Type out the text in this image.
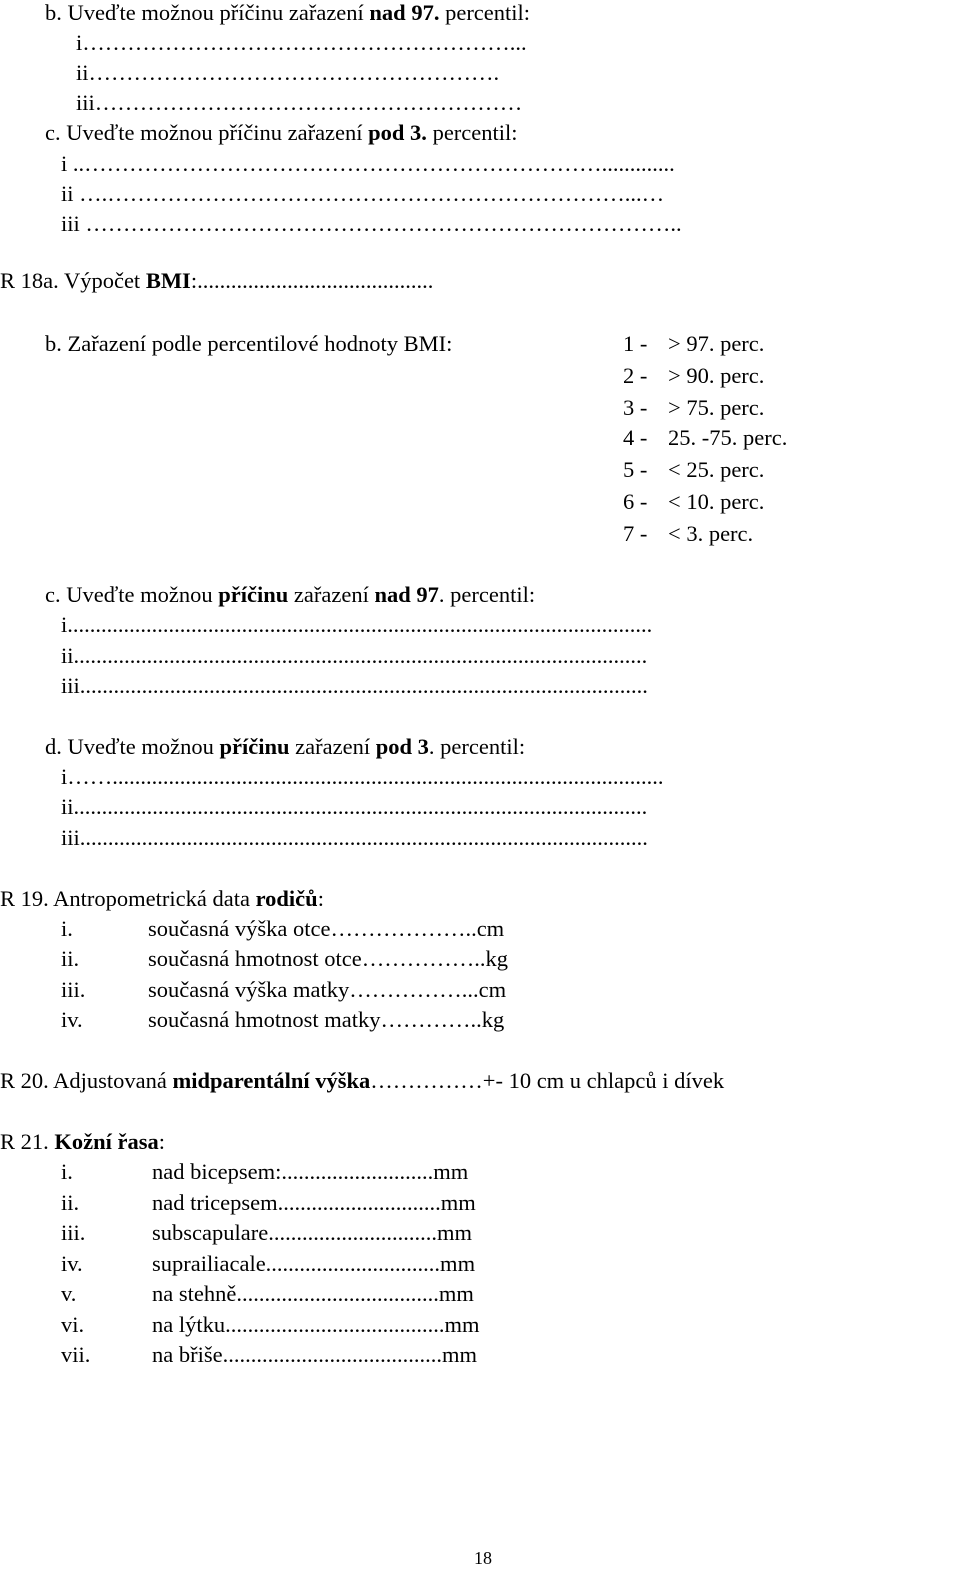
b. Uveďte možnou příčinu zařazení nad 97. percentil:
i…………………………………………………...
ii……………………………………………….
iii…………………………………………………
c. Uveďte možnou příčinu zařazení pod 3. percentil:
i ..…………………………………………………………….............
ii ….……………………………………………………………...…
iii ……………………………………………………………………..
R 18a. Výpočet BMI:..........................................
b. Zařazení podle percentilové hodnoty BMI:	1 - > 97. perc.
2 - > 90. perc.
3 - > 75. perc.
4 - 25. -75. perc.
5 - < 25. perc.
6 - < 10. perc.
7 - < 3. perc.
c. Uveďte možnou příčinu zařazení nad 97. percentil:
i........................................................................................................
ii......................................................................................................
iii.....................................................................................................
d. Uveďte možnou příčinu zařazení pod 3. percentil:
i……..................................................................................................
ii......................................................................................................
iii.....................................................................................................
R 19. Antropometrická data rodičů:
i.	současná výška otce………………..cm
ii.	současná hmotnost otce……………..kg
iii.	současná výška matky……………...cm
iv.	současná hmotnost matky…………..kg
R 20. Adjustovaná midparentální výška……………+- 10 cm u chlapců i dívek
R 21. Kožní řasa:
i.	nad bicepsem:...........................mm
ii.	nad tricepsem.............................mm
iii.	subscapulare..............................mm
iv.	suprailiacale...............................mm
v.	na stehně....................................mm
vi.	na lýtku.......................................mm
vii.	na břiše.......................................mm
18
